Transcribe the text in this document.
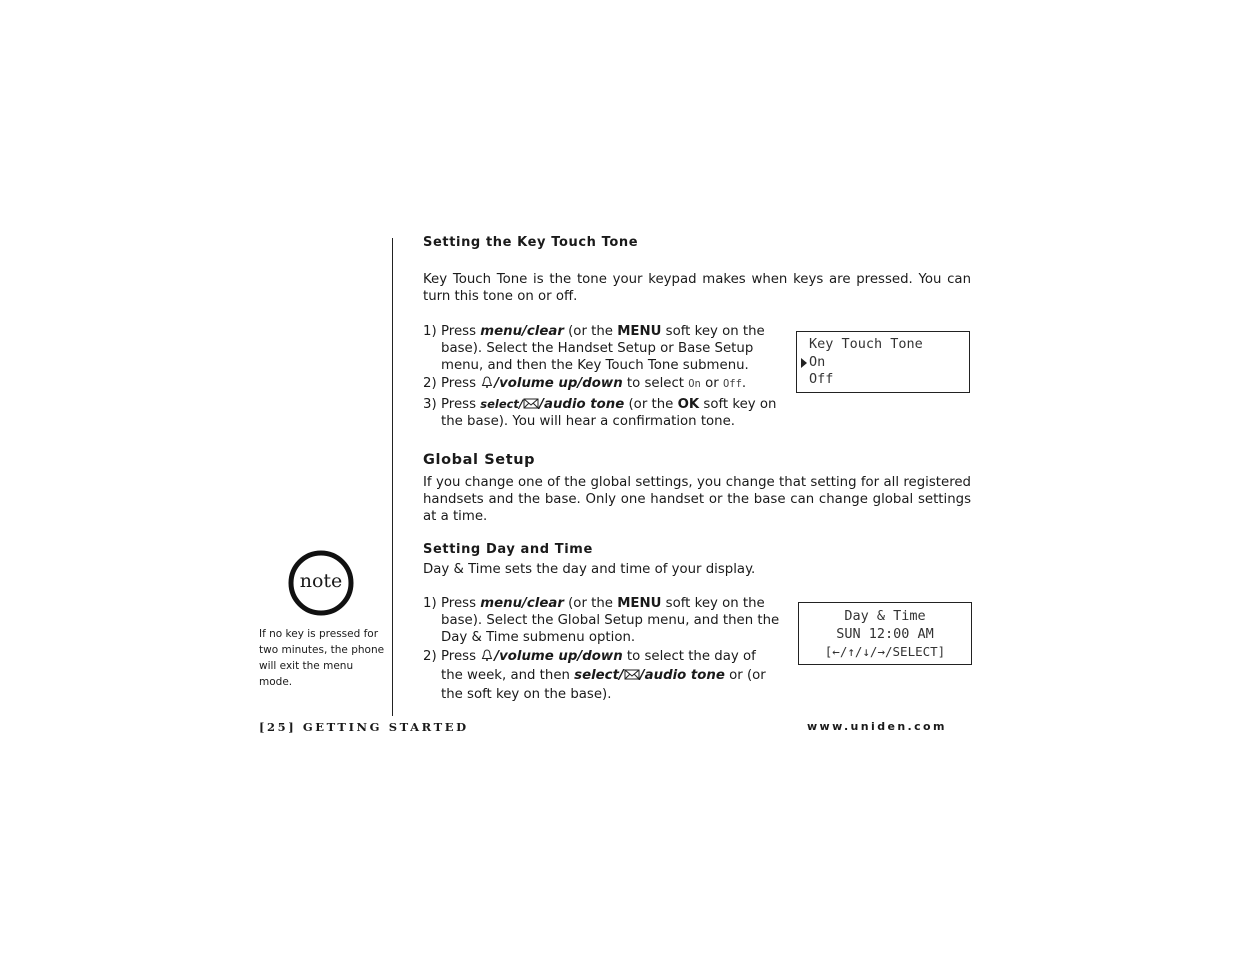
Setting the Key Touch Tone

Key Touch Tone is the tone your keypad makes when keys are pressed. You can turn this tone on or off.

1) Press menu/clear (or the MENU soft key on the base). Select the Handset Setup or Base Setup menu, and then the Key Touch Tone submenu.
2) Press /volume up/down to select On or Off.
3) Press select/ /audio tone (or the OK soft key on the base). You will hear a confirmation tone.
Key Touch Tone
On
Off
Global Setup

If you change one of the global settings, you change that setting for all registered handsets and the base. Only one handset or the base can change global settings at a time.

Setting Day and Time

Day & Time sets the day and time of your display.

1) Press menu/clear (or the MENU soft key on the base). Select the Global Setup menu, and then the Day & Time submenu option.
2) Press /volume up/down to select the day of the week, and then select/ /audio tone or (or the soft key on the base).
Day & Time
SUN 12:00 AM
[←/↑/↓/→/SELECT]
note
If no key is pressed for two minutes, the phone will exit the menu mode.
[25] GETTING STARTED	www.uniden.com
